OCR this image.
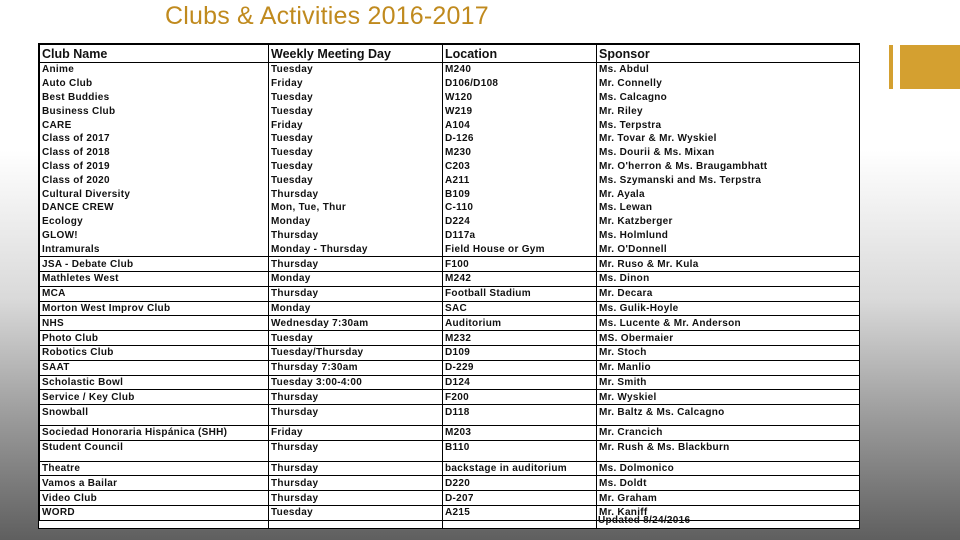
Clubs & Activities 2016-2017
Club Name	Weekly Meeting Day	Location	Sponsor
Anime	Tuesday	M240	Ms. Abdul
Auto Club	Friday	D106/D108	Mr. Connelly
Best Buddies	Tuesday	W120	Ms. Calcagno
Business Club	Tuesday	W219	Mr. Riley
CARE	Friday	A104	Ms. Terpstra
Class of 2017	Tuesday	D-126	Mr. Tovar & Mr. Wyskiel
Class of 2018	Tuesday	M230	Ms. Dourii & Ms. Mixan
Class of 2019	Tuesday	C203	Mr. O'herron & Ms. Braugambhatt
Class of 2020	Tuesday	A211	Ms. Szymanski and Ms. Terpstra
Cultural Diversity	Thursday	B109	Mr. Ayala
DANCE CREW	Mon, Tue, Thur	C-110	Ms. Lewan
Ecology	Monday	D224	Mr. Katzberger
GLOW!	Thursday	D117a	Ms. Holmlund
Intramurals	Monday - Thursday	Field House or Gym	Mr. O'Donnell
JSA - Debate Club	Thursday	F100	Mr. Ruso & Mr. Kula
Mathletes West	Monday	M242	Ms. Dinon
MCA	Thursday	Football Stadium	Mr. Decara
Morton West Improv Club	Monday	SAC	Ms. Gulik-Hoyle
NHS	Wednesday 7:30am	Auditorium	Ms. Lucente & Mr. Anderson
Photo Club	Tuesday	M232	MS. Obermaier
Robotics Club	Tuesday/Thursday	D109	Mr. Stoch
SAAT	Thursday 7:30am	D-229	Mr. Manlio
Scholastic Bowl	Tuesday 3:00-4:00	D124	Mr. Smith
Service / Key Club	Thursday	F200	Mr. Wyskiel
Snowball	Thursday	D118	Mr. Baltz & Ms. Calcagno

Sociedad Honoraria Hispánica (SHH)	Friday	M203	Mr. Crancich
Student Council	Thursday	B110	Mr. Rush & Ms. Blackburn

Theatre	Thursday	backstage in auditorium	Ms. Dolmonico
Vamos a Bailar	Thursday	D220	Ms. Doldt
Video Club	Thursday	D-207	Mr. Graham
WORD	Tuesday	A215	Mr. Kaniff
Updated 8/24/2016
